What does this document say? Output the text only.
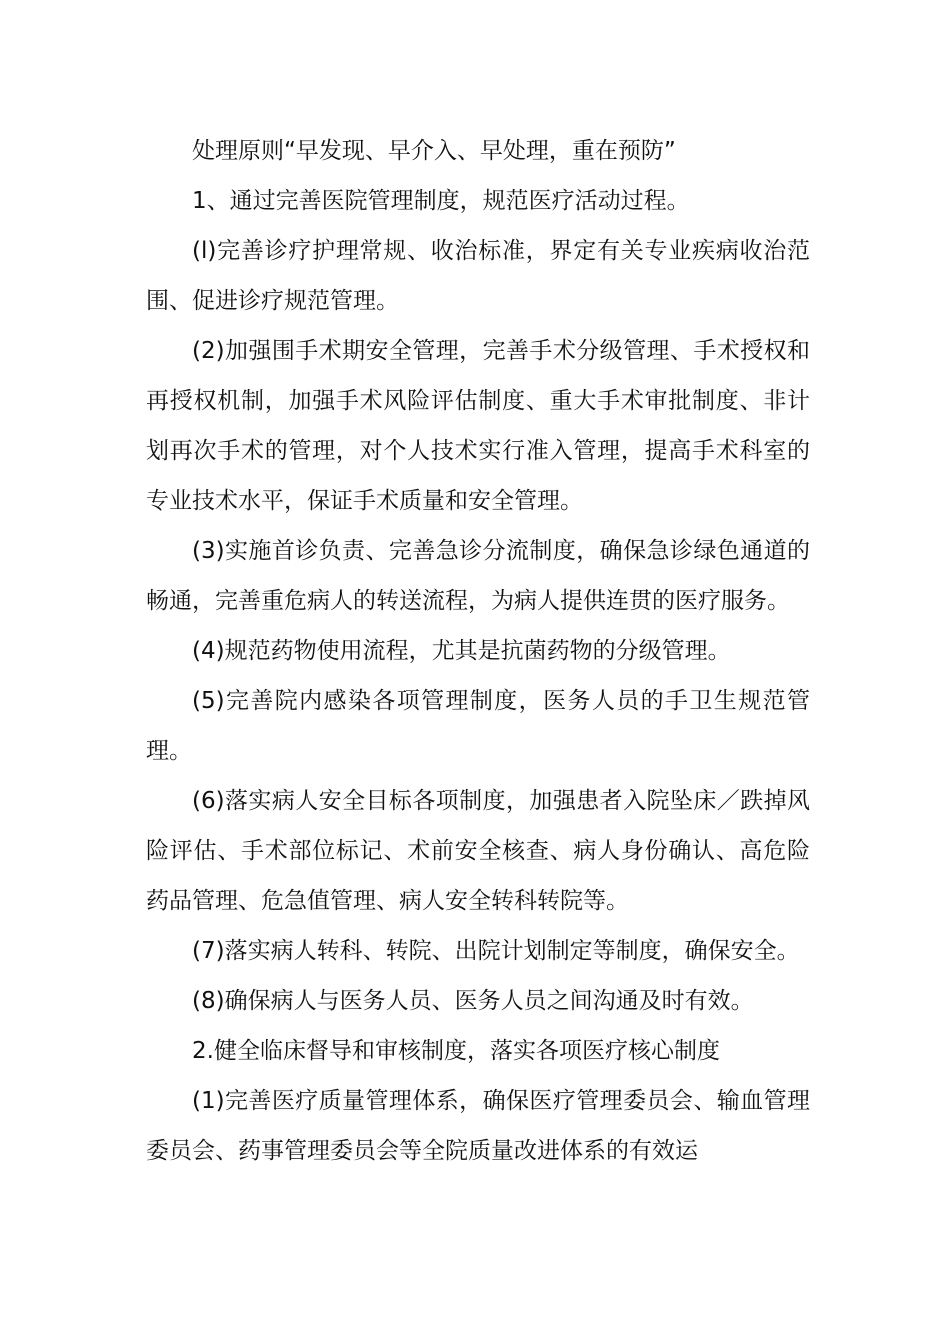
处理原则“早发现、早介入、早处理，重在预防”

1、通过完善医院管理制度，规范医疗活动过程。

(l)完善诊疗护理常规、收治标准，界定有关专业疾病收治范围、促进诊疗规范管理。

(2)加强围手术期安全管理，完善手术分级管理、手术授权和再授权机制，加强手术风险评估制度、重大手术审批制度、非计划再次手术的管理，对个人技术实行准入管理，提高手术科室的专业技术水平，保证手术质量和安全管理。

(3)实施首诊负责、完善急诊分流制度，确保急诊绿色通道的畅通，完善重危病人的转送流程，为病人提供连贯的医疗服务。

(4)规范药物使用流程，尤其是抗菌药物的分级管理。

(5)完善院内感染各项管理制度，医务人员的手卫生规范管理。

(6)落实病人安全目标各项制度，加强患者入院坠床／跌掉风险评估、手术部位标记、术前安全核查、病人身份确认、高危险药品管理、危急值管理、病人安全转科转院等。

(7)落实病人转科、转院、出院计划制定等制度，确保安全。

(8)确保病人与医务人员、医务人员之间沟通及时有效。

2.健全临床督导和审核制度，落实各项医疗核心制度

(1)完善医疗质量管理体系，确保医疗管理委员会、输血管理委员会、药事管理委员会等全院质量改进体系的有效运
